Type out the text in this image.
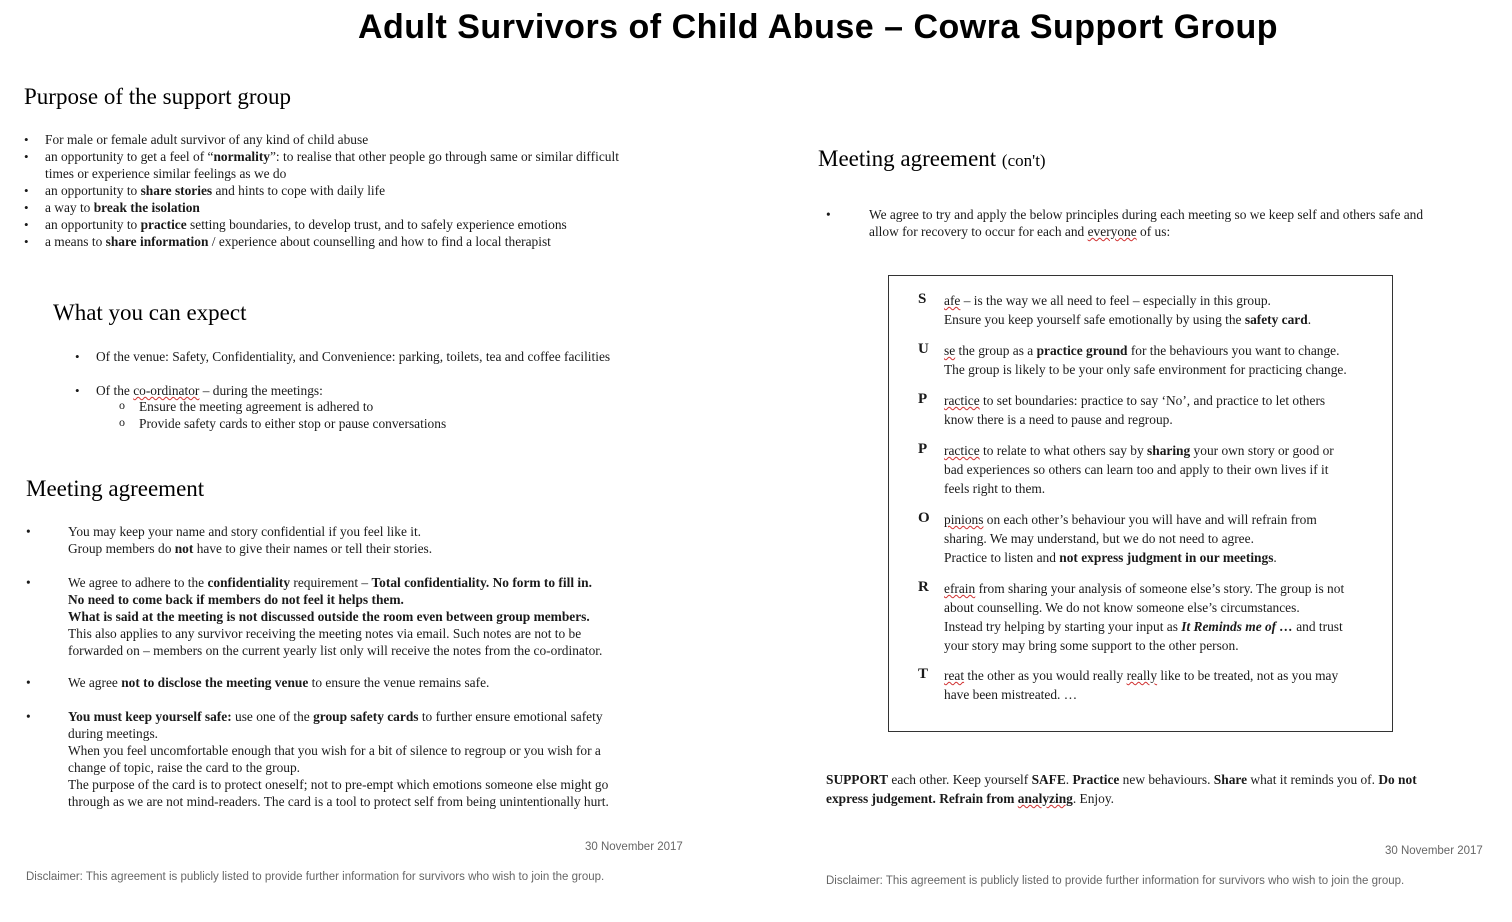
Adult Survivors of Child Abuse – Cowra Support Group
Purpose of the support group
• For male or female adult survivor of any kind of child abuse
• an opportunity to get a feel of “normality”: to realise that other people go through same or similar difficult
times or experience similar feelings as we do
• an opportunity to share stories and hints to cope with daily life
• a way to break the isolation
• an opportunity to practice setting boundaries, to develop trust, and to safely experience emotions
• a means to share information / experience about counselling and how to find a local therapist
What you can expect
• Of the venue: Safety, Confidentiality, and Convenience: parking, toilets, tea and coffee facilities
• Of the co-ordinator – during the meetings:
o Ensure the meeting agreement is adhered to
o Provide safety cards to either stop or pause conversations
Meeting agreement
•	You may keep your name and story confidential if you feel like it.
Group members do not have to give their names or tell their stories.
•	We agree to adhere to the confidentiality requirement – Total confidentiality. No form to fill in.
No need to come back if members do not feel it helps them.
What is said at the meeting is not discussed outside the room even between group members.
This also applies to any survivor receiving the meeting notes via email. Such notes are not to be
forwarded on – members on the current yearly list only will receive the notes from the co-ordinator.
•	We agree not to disclose the meeting venue to ensure the venue remains safe.
•	You must keep yourself safe: use one of the group safety cards to further ensure emotional safety
during meetings.
When you feel uncomfortable enough that you wish for a bit of silence to regroup or you wish for a
change of topic, raise the card to the group.
The purpose of the card is to protect oneself; not to pre-empt which emotions someone else might go
through as we are not mind-readers. The card is a tool to protect self from being unintentionally hurt.
30 November 2017
Disclaimer: This agreement is publicly listed to provide further information for survivors who wish to join the group.
Meeting agreement (con't)
•	We agree to try and apply the below principles during each meeting so we keep self and others safe and
allow for recovery to occur for each and everyone of us:
S afe – is the way we all need to feel – especially in this group.
Ensure you keep yourself safe emotionally by using the safety card.
U se the group as a practice ground for the behaviours you want to change.
The group is likely to be your only safe environment for practicing change.
P ractice to set boundaries: practice to say ‘No’, and practice to let others
know there is a need to pause and regroup.
P ractice to relate to what others say by sharing your own story or good or
bad experiences so others can learn too and apply to their own lives if it
feels right to them.
O pinions on each other’s behaviour you will have and will refrain from
sharing. We may understand, but we do not need to agree.
Practice to listen and not express judgment in our meetings.
R efrain from sharing your analysis of someone else’s story. The group is not
about counselling. We do not know someone else’s circumstances.
Instead try helping by starting your input as It Reminds me of … and trust
your story may bring some support to the other person.
T reat the other as you would really really like to be treated, not as you may
have been mistreated. …
SUPPORT each other. Keep yourself SAFE. Practice new behaviours. Share what it reminds you of. Do not
express judgement. Refrain from analyzing. Enjoy.
30 November 2017
Disclaimer: This agreement is publicly listed to provide further information for survivors who wish to join the group.
